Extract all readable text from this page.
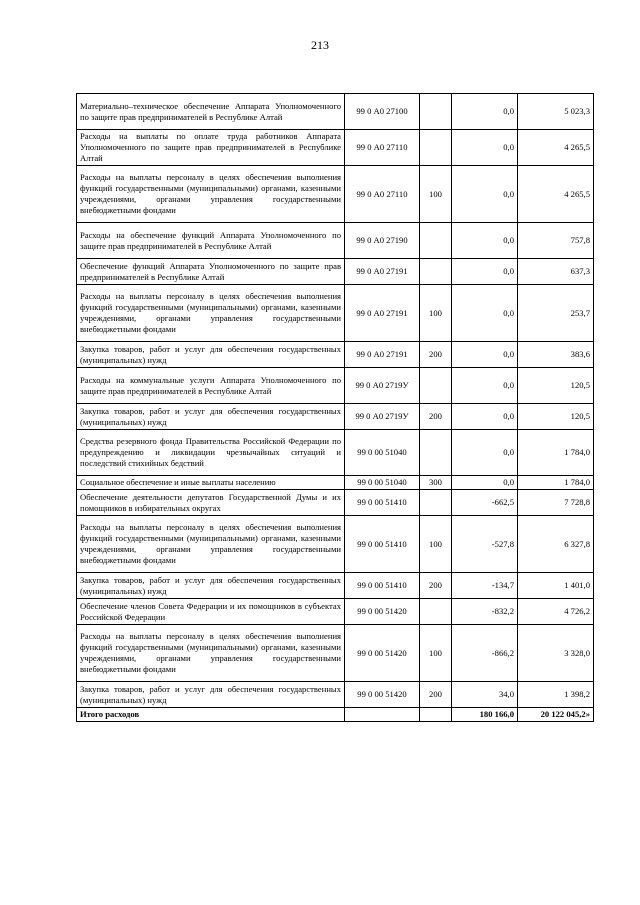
213
Материально–техническое обеспечение Аппарата Уполномоченного по защите прав предпринимателей в Республике Алтай	99 0 А0 27100		0,0	5 023,3
Расходы на выплаты по оплате труда работников Аппарата Уполномоченного по защите прав предпринимателей в Республике Алтай	99 0 А0 27110		0,0	4 265,5
Расходы на выплаты персоналу в целях обеспечения выполнения функций государственными (муниципальными) органами, казенными учреждениями, органами управления государственными внебюджетными фондами	99 0 А0 27110	100	0,0	4 265,5
Расходы на обеспечение функций Аппарата Уполномоченного по защите прав предпринимателей в Республике Алтай	99 0 А0 27190		0,0	757,8
Обеспечение функций Аппарата Уполномоченного по защите прав предпринимателей в Республике Алтай	99 0 А0 27191		0,0	637,3
Расходы на выплаты персоналу в целях обеспечения выполнения функций государственными (муниципальными) органами, казенными учреждениями, органами управления государственными внебюджетными фондами	99 0 А0 27191	100	0,0	253,7
Закупка товаров, работ и услуг для обеспечения государственных (муниципальных) нужд	99 0 А0 27191	200	0,0	383,6
Расходы на коммунальные услуги Аппарата Уполномоченного по защите прав предпринимателей в Республике Алтай	99 0 А0 2719У		0,0	120,5
Закупка товаров, работ и услуг для обеспечения государственных (муниципальных) нужд	99 0 А0 2719У	200	0,0	120,5
Средства резервного фонда Правительства Российской Федерации по предупреждению и ликвидации чрезвычайных ситуаций и последствий стихийных бедствий	99 0 00 51040		0,0	1 784,0
Социальное обеспечение и иные выплаты населению	99 0 00 51040	300	0,0	1 784,0
Обеспечение деятельности депутатов Государственной Думы и их помощников в избирательных округах	99 0 00 51410		-662,5	7 728,8
Расходы на выплаты персоналу в целях обеспечения выполнения функций государственными (муниципальными) органами, казенными учреждениями, органами управления государственными внебюджетными фондами	99 0 00 51410	100	-527,8	6 327,8
Закупка товаров, работ и услуг для обеспечения государственных (муниципальных) нужд	99 0 00 51410	200	-134,7	1 401,0
Обеспечение членов Совета Федерации и их помощников в субъектах Российской Федерации	99 0 00 51420		-832,2	4 726,2
Расходы на выплаты персоналу в целях обеспечения выполнения функций государственными (муниципальными) органами, казенными учреждениями, органами управления государственными внебюджетными фондами	99 0 00 51420	100	-866,2	3 328,0
Закупка товаров, работ и услуг для обеспечения государственных (муниципальных) нужд	99 0 00 51420	200	34,0	1 398,2
Итого расходов			180 166,0	20 122 045,2»
